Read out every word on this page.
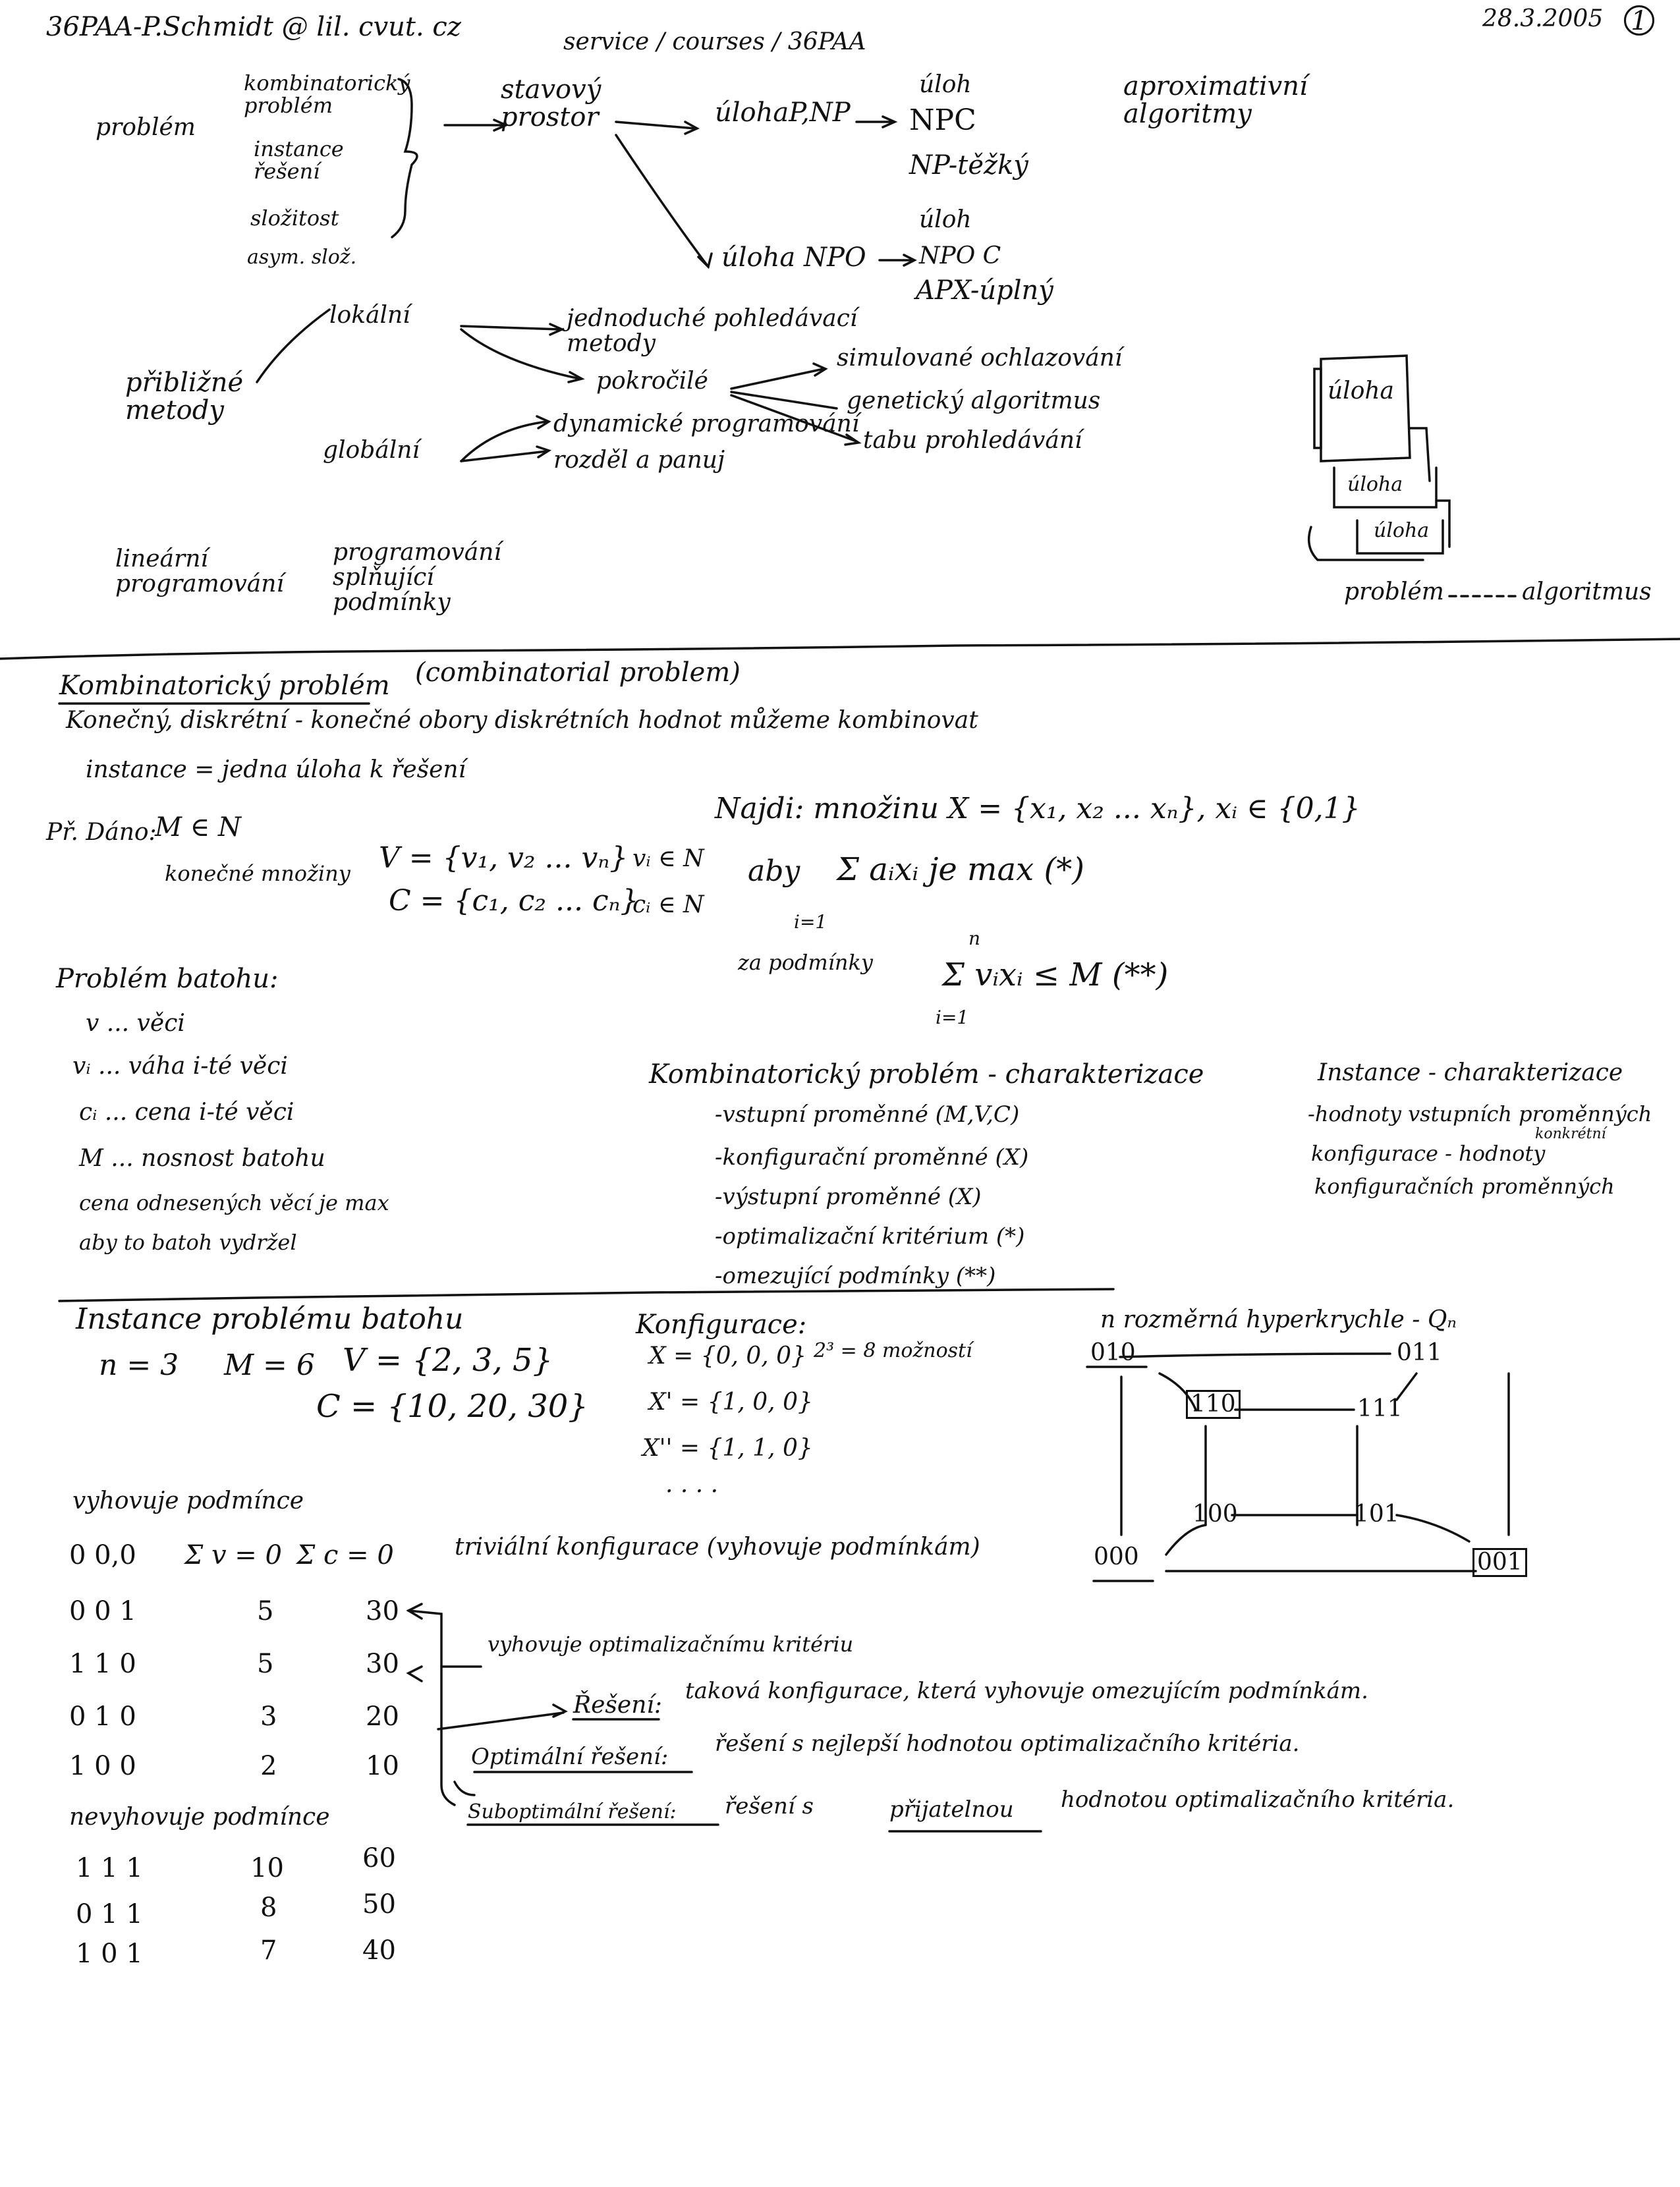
36PAA-P.Schmidt @ lil. cvut. cz	service / courses / 36PAA
28.3.2005 1
problém
kombinatorický problém
instance řešení
složitost
asym. slož.
stavový prostor	úlohaP,NP
úloh
NPC
NP-těžký
úloha NPO
úloh
NPO C
APX-úplný
aproximativní algoritmy
přibližné metody
lokální
globální
jednoduché pohledávací metody
pokročilé
simulované ochlazování
genetický algoritmus
tabu prohledávání
dynamické programování
rozděl a panuj
lineární programování
programování splňující podmínky
úloha
úloha
úloha
problém	algoritmus
Kombinatorický problém (combinatorial problem)
Konečný, diskrétní - konečné obory diskrétních hodnot můžeme kombinovat
instance = jedna úloha k řešení
Př. Dáno:
M ∈ N
konečné množiny V = {v₁, v₂ ... vₙ} vᵢ ∈ N
C = {c₁, c₂ ... cₙ}
cᵢ ∈ N
Najdi: množinu X = {x₁, x₂ ... xₙ}, xᵢ ∈ {0,1}
aby Σ aᵢxᵢ je max (*)
i=1
za podmínky
n
Σ vᵢxᵢ ≤ M (**)
i=1
Problém batohu:
v ... věci
vᵢ ... váha i-té věci
cᵢ ... cena i-té věci
M ... nosnost batohu
cena odnesených věcí je max
aby to batoh vydržel
Kombinatorický problém - charakterizace
-vstupní proměnné (M,V,C)
-konfigurační proměnné (X)
-výstupní proměnné (X)
-optimalizační kritérium (*)
-omezující podmínky (**)
Instance - charakterizace
-hodnoty vstupních proměnných
konkrétní
konfigurace - hodnoty
konfiguračních proměnných
Instance problému batohu
n = 3 M = 6 V = {2, 3, 5}
C = {10, 20, 30}
Konfigurace:
X = {0, 0, 0} 2³ = 8 možností
X' = {1, 0, 0}
X'' = {1, 1, 0}
. . . .
n rozměrná hyperkrychle - Qₙ
010	011
110	111
100	101
000	001
vyhovuje podmínce
0 0,0 Σ v = 0 Σ c = 0	triviální konfigurace (vyhovuje podmínkám)
0 0 1	5	30
1 1 0	5	30
0 1 0	3	20
1 0 0	2	10
nevyhovuje podmínce
1 1 1	10	60
0 1 1	8	50
1 0 1	7	40
vyhovuje optimalizačnímu kritériu
Řešení:
taková konfigurace, která vyhovuje omezujícím podmínkám.
Optimální řešení: řešení s nejlepší hodnotou optimalizačního kritéria.
Suboptimální řešení: řešení s	přijatelnou hodnotou optimalizačního kritéria.
